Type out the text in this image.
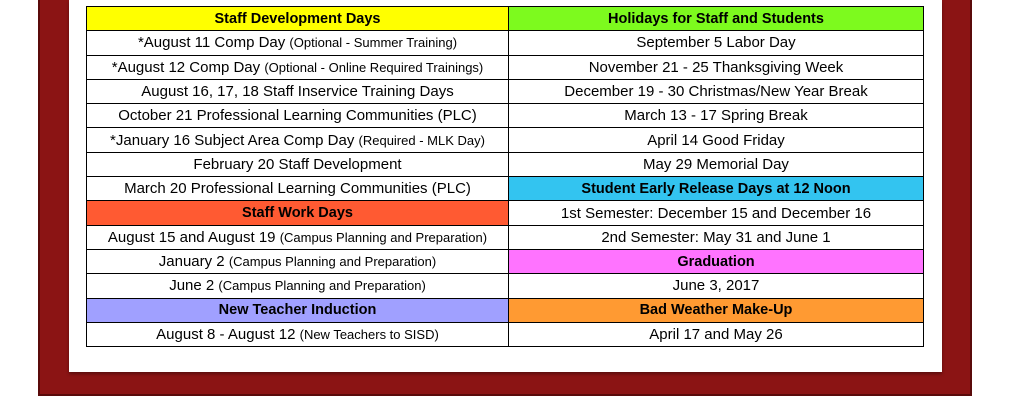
Staff Development Days	Holidays for Staff and Students
*August 11 Comp Day (Optional - Summer Training)	September 5 Labor Day
*August 12 Comp Day (Optional - Online Required Trainings)	November 21 - 25 Thanksgiving Week
August 16, 17, 18 Staff Inservice Training Days	December 19 - 30 Christmas/New Year Break
October 21 Professional Learning Communities (PLC)	March 13 - 17 Spring Break
*January 16 Subject Area Comp Day (Required - MLK Day)	April 14 Good Friday
February 20 Staff Development	May 29 Memorial Day
March 20 Professional Learning Communities (PLC)	Student Early Release Days at 12 Noon
Staff Work Days	1st Semester: December 15 and December 16
August 15 and August 19 (Campus Planning and Preparation)	2nd Semester: May 31 and June 1
January 2 (Campus Planning and Preparation)	Graduation
June 2 (Campus Planning and Preparation)	June 3, 2017
New Teacher Induction	Bad Weather Make-Up
August 8 - August 12 (New Teachers to SISD)	April 17 and May 26
